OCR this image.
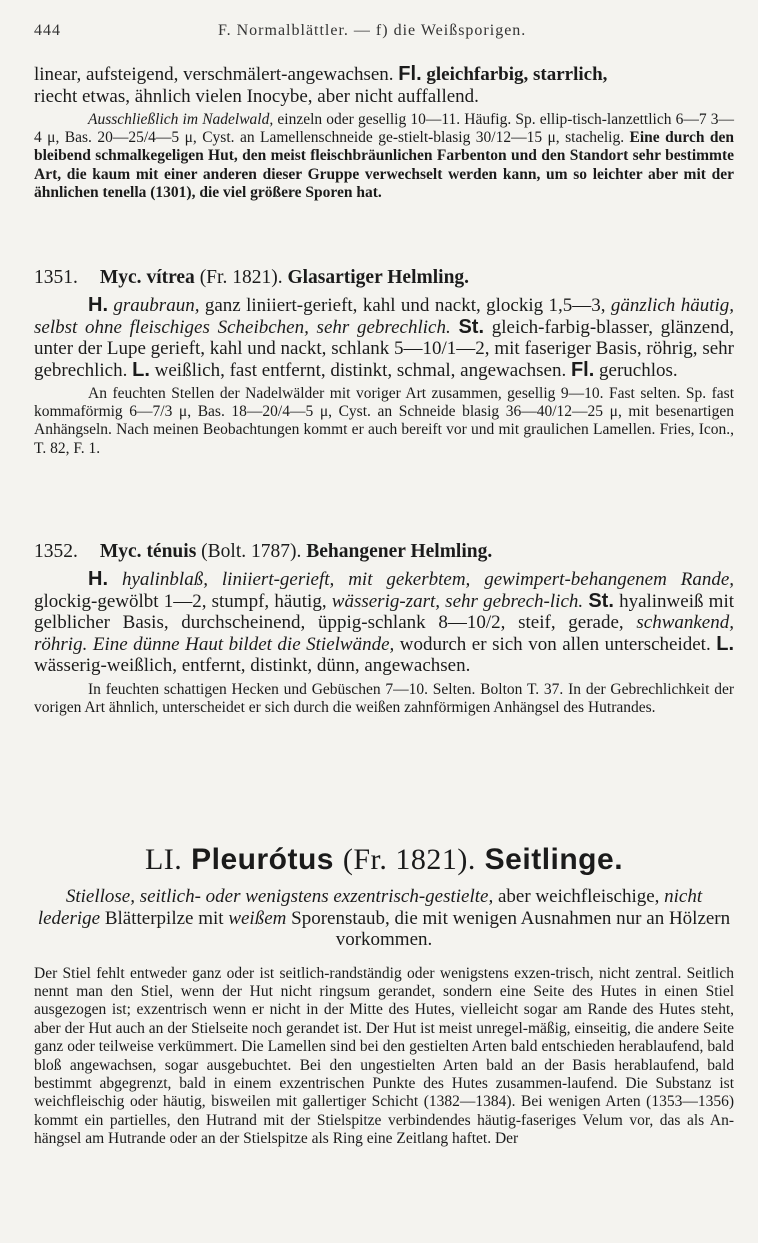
444	F. Normalblättler. — f) die Weißsporigen.

linear, aufsteigend, verschmälert-angewachsen. Fl. gleichfarbig, starrlich,

riecht etwas, ähnlich vielen Inocybe, aber nicht auffallend.

Ausschließlich im Nadelwald, einzeln oder gesellig 10—11. Häufig. Sp. ellip-tisch-lanzettlich 6—7 3—4 μ, Bas. 20—25/4—5 μ, Cyst. an Lamellenschneide ge-stielt-blasig 30/12—15 μ, stachelig. Eine durch den bleibend schmalkegeligen Hut, den meist fleischbräunlichen Farbenton und den Standort sehr bestimmte Art, die kaum mit einer anderen dieser Gruppe verwechselt werden kann, um so leichter aber mit der ähnlichen tenella (1301), die viel größere Sporen hat.

1351. Myc. vítrea (Fr. 1821). Glasartiger Helmling.

H. graubraun, ganz liniiert-gerieft, kahl und nackt, glockig 1,5—3, gänzlich häutig, selbst ohne fleischiges Scheibchen, sehr gebrechlich. St. gleich-farbig-blasser, glänzend, unter der Lupe gerieft, kahl und nackt, schlank 5—10/1—2, mit faseriger Basis, röhrig, sehr gebrechlich. L. weißlich, fast entfernt, distinkt, schmal, angewachsen. Fl. geruchlos.

An feuchten Stellen der Nadelwälder mit voriger Art zusammen, gesellig 9—10. Fast selten. Sp. fast kommaförmig 6—7/3 μ, Bas. 18—20/4—5 μ, Cyst. an Schneide blasig 36—40/12—25 μ, mit besenartigen Anhängseln. Nach meinen Beobachtungen kommt er auch bereift vor und mit graulichen Lamellen. Fries, Icon., T. 82, F. 1.

1352. Myc. ténuis (Bolt. 1787). Behangener Helmling.

H. hyalinblaß, liniiert-gerieft, mit gekerbtem, gewimpert-behangenem Rande, glockig-gewölbt 1—2, stumpf, häutig, wässerig-zart, sehr gebrech-lich. St. hyalinweiß mit gelblicher Basis, durchscheinend, üppig-schlank 8—10/2, steif, gerade, schwankend, röhrig. Eine dünne Haut bildet die Stielwände, wodurch er sich von allen unterscheidet. L. wässerig-weißlich, entfernt, distinkt, dünn, angewachsen.

In feuchten schattigen Hecken und Gebüschen 7—10. Selten. Bolton T. 37. In der Gebrechlichkeit der vorigen Art ähnlich, unterscheidet er sich durch die weißen zahnförmigen Anhängsel des Hutrandes.

LI. Pleurótus (Fr. 1821). Seitlinge.

Stiellose, seitlich- oder wenigstens exzentrisch-gestielte, aber weichfleischige, nicht lederige Blätterpilze mit weißem Sporenstaub, die mit wenigen Ausnahmen nur an Hölzern vorkommen.

Der Stiel fehlt entweder ganz oder ist seitlich-randständig oder wenigstens exzen-trisch, nicht zentral. Seitlich nennt man den Stiel, wenn der Hut nicht ringsum gerandet, sondern eine Seite des Hutes in einen Stiel ausgezogen ist; exzentrisch wenn er nicht in der Mitte des Hutes, vielleicht sogar am Rande des Hutes steht, aber der Hut auch an der Stielseite noch gerandet ist. Der Hut ist meist unregel-mäßig, einseitig, die andere Seite ganz oder teilweise verkümmert. Die Lamellen sind bei den gestielten Arten bald entschieden herablaufend, bald bloß angewachsen, sogar ausgebuchtet. Bei den ungestielten Arten bald an der Basis herablaufend, bald bestimmt abgegrenzt, bald in einem exzentrischen Punkte des Hutes zusammen-laufend. Die Substanz ist weichfleischig oder häutig, bisweilen mit gallertiger Schicht (1382—1384). Bei wenigen Arten (1353—1356) kommt ein partielles, den Hutrand mit der Stielspitze verbindendes häutig-faseriges Velum vor, das als An-hängsel am Hutrande oder an der Stielspitze als Ring eine Zeitlang haftet. Der
